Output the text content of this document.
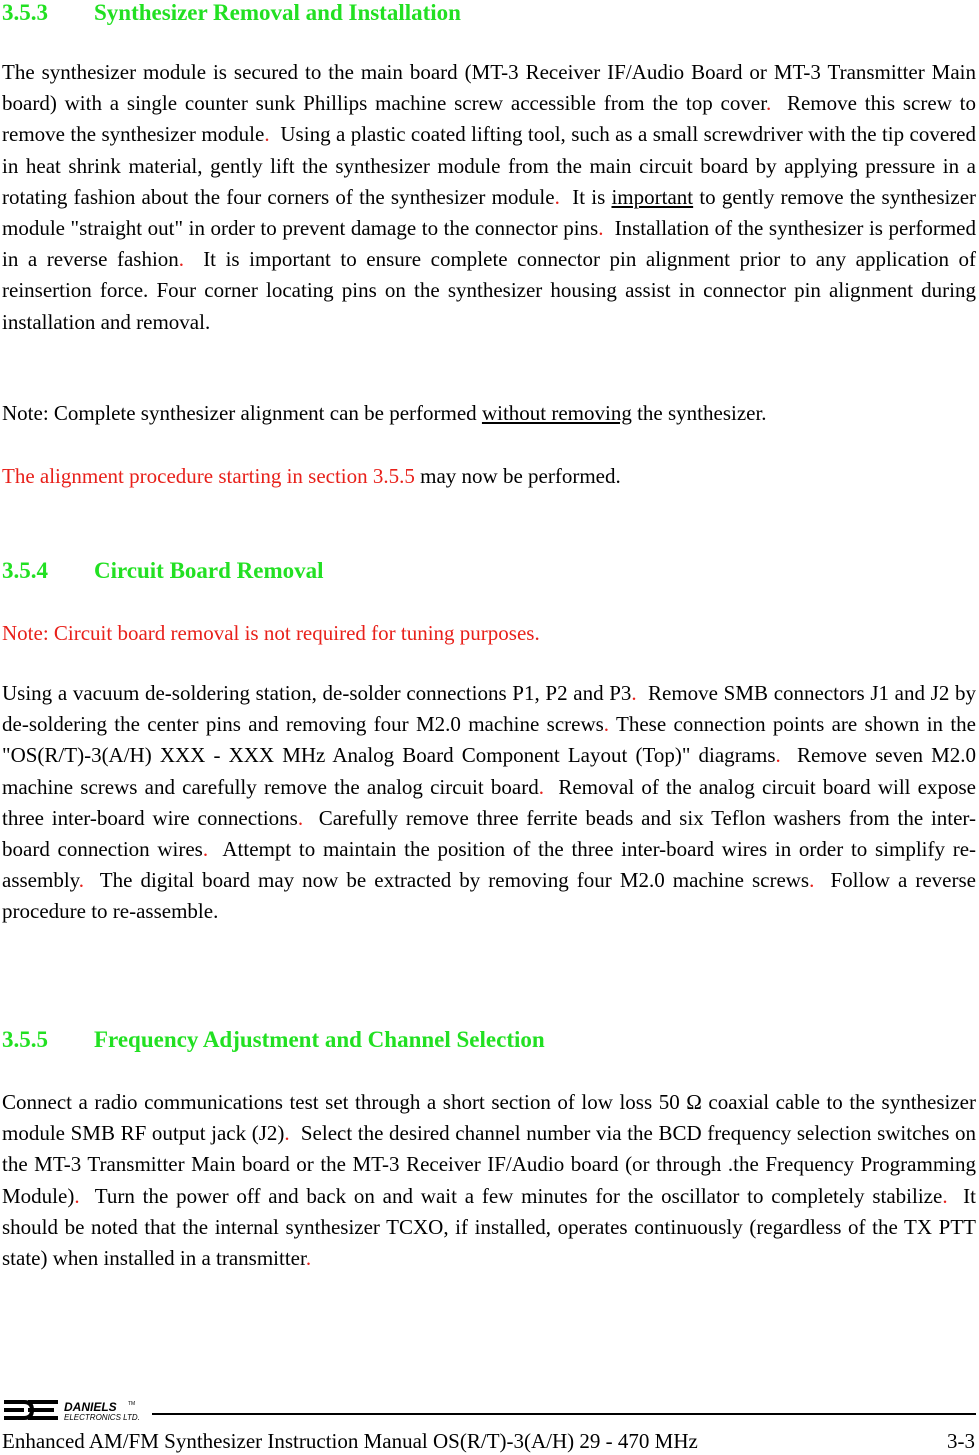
3.5.3 Synthesizer Removal and Installation

The synthesizer module is secured to the main board (MT-3 Receiver IF/Audio Board or MT-3 Transmitter Main board) with a single counter sunk Phillips machine screw accessible from the top cover. Remove this screw to remove the synthesizer module. Using a plastic coated lifting tool, such as a small screwdriver with the tip covered in heat shrink material, gently lift the synthesizer module from the main circuit board by applying pressure in a rotating fashion about the four corners of the synthesizer module. It is important to gently remove the synthesizer module "straight out" in order to prevent damage to the connector pins. Installation of the synthesizer is performed in a reverse fashion. It is important to ensure complete connector pin alignment prior to any application of reinsertion force. Four corner locating pins on the synthesizer housing assist in connector pin alignment during installation and removal.

Note: Complete synthesizer alignment can be performed without removing the synthesizer.

The alignment procedure starting in section 3.5.5 may now be performed.

3.5.4 Circuit Board Removal

Note: Circuit board removal is not required for tuning purposes.

Using a vacuum de-soldering station, de-solder connections P1, P2 and P3. Remove SMB connectors J1 and J2 by de-soldering the center pins and removing four M2.0 machine screws. These connection points are shown in the "OS(R/T)-3(A/H) XXX - XXX MHz Analog Board Component Layout (Top)" diagrams. Remove seven M2.0 machine screws and carefully remove the analog circuit board. Removal of the analog circuit board will expose three inter-board wire connections. Carefully remove three ferrite beads and six Teflon washers from the inter-board connection wires. Attempt to maintain the position of the three inter-board wires in order to simplify re-assembly. The digital board may now be extracted by removing four M2.0 machine screws. Follow a reverse procedure to re-assemble.

3.5.5 Frequency Adjustment and Channel Selection

Connect a radio communications test set through a short section of low loss 50 Ω coaxial cable to the synthesizer module SMB RF output jack (J2). Select the desired channel number via the BCD frequency selection switches on the MT-3 Transmitter Main board or the MT-3 Receiver IF/Audio board (or through .the Frequency Programming Module). Turn the power off and back on and wait a few minutes for the oscillator to completely stabilize. It should be noted that the internal synthesizer TCXO, if installed, operates continuously (regardless of the TX PTT state) when installed in a transmitter.

DANIELS TM
ELECTRONICS LTD.
Enhanced AM/FM Synthesizer Instruction Manual OS(R/T)-3(A/H) 29 - 470 MHz	3-3
